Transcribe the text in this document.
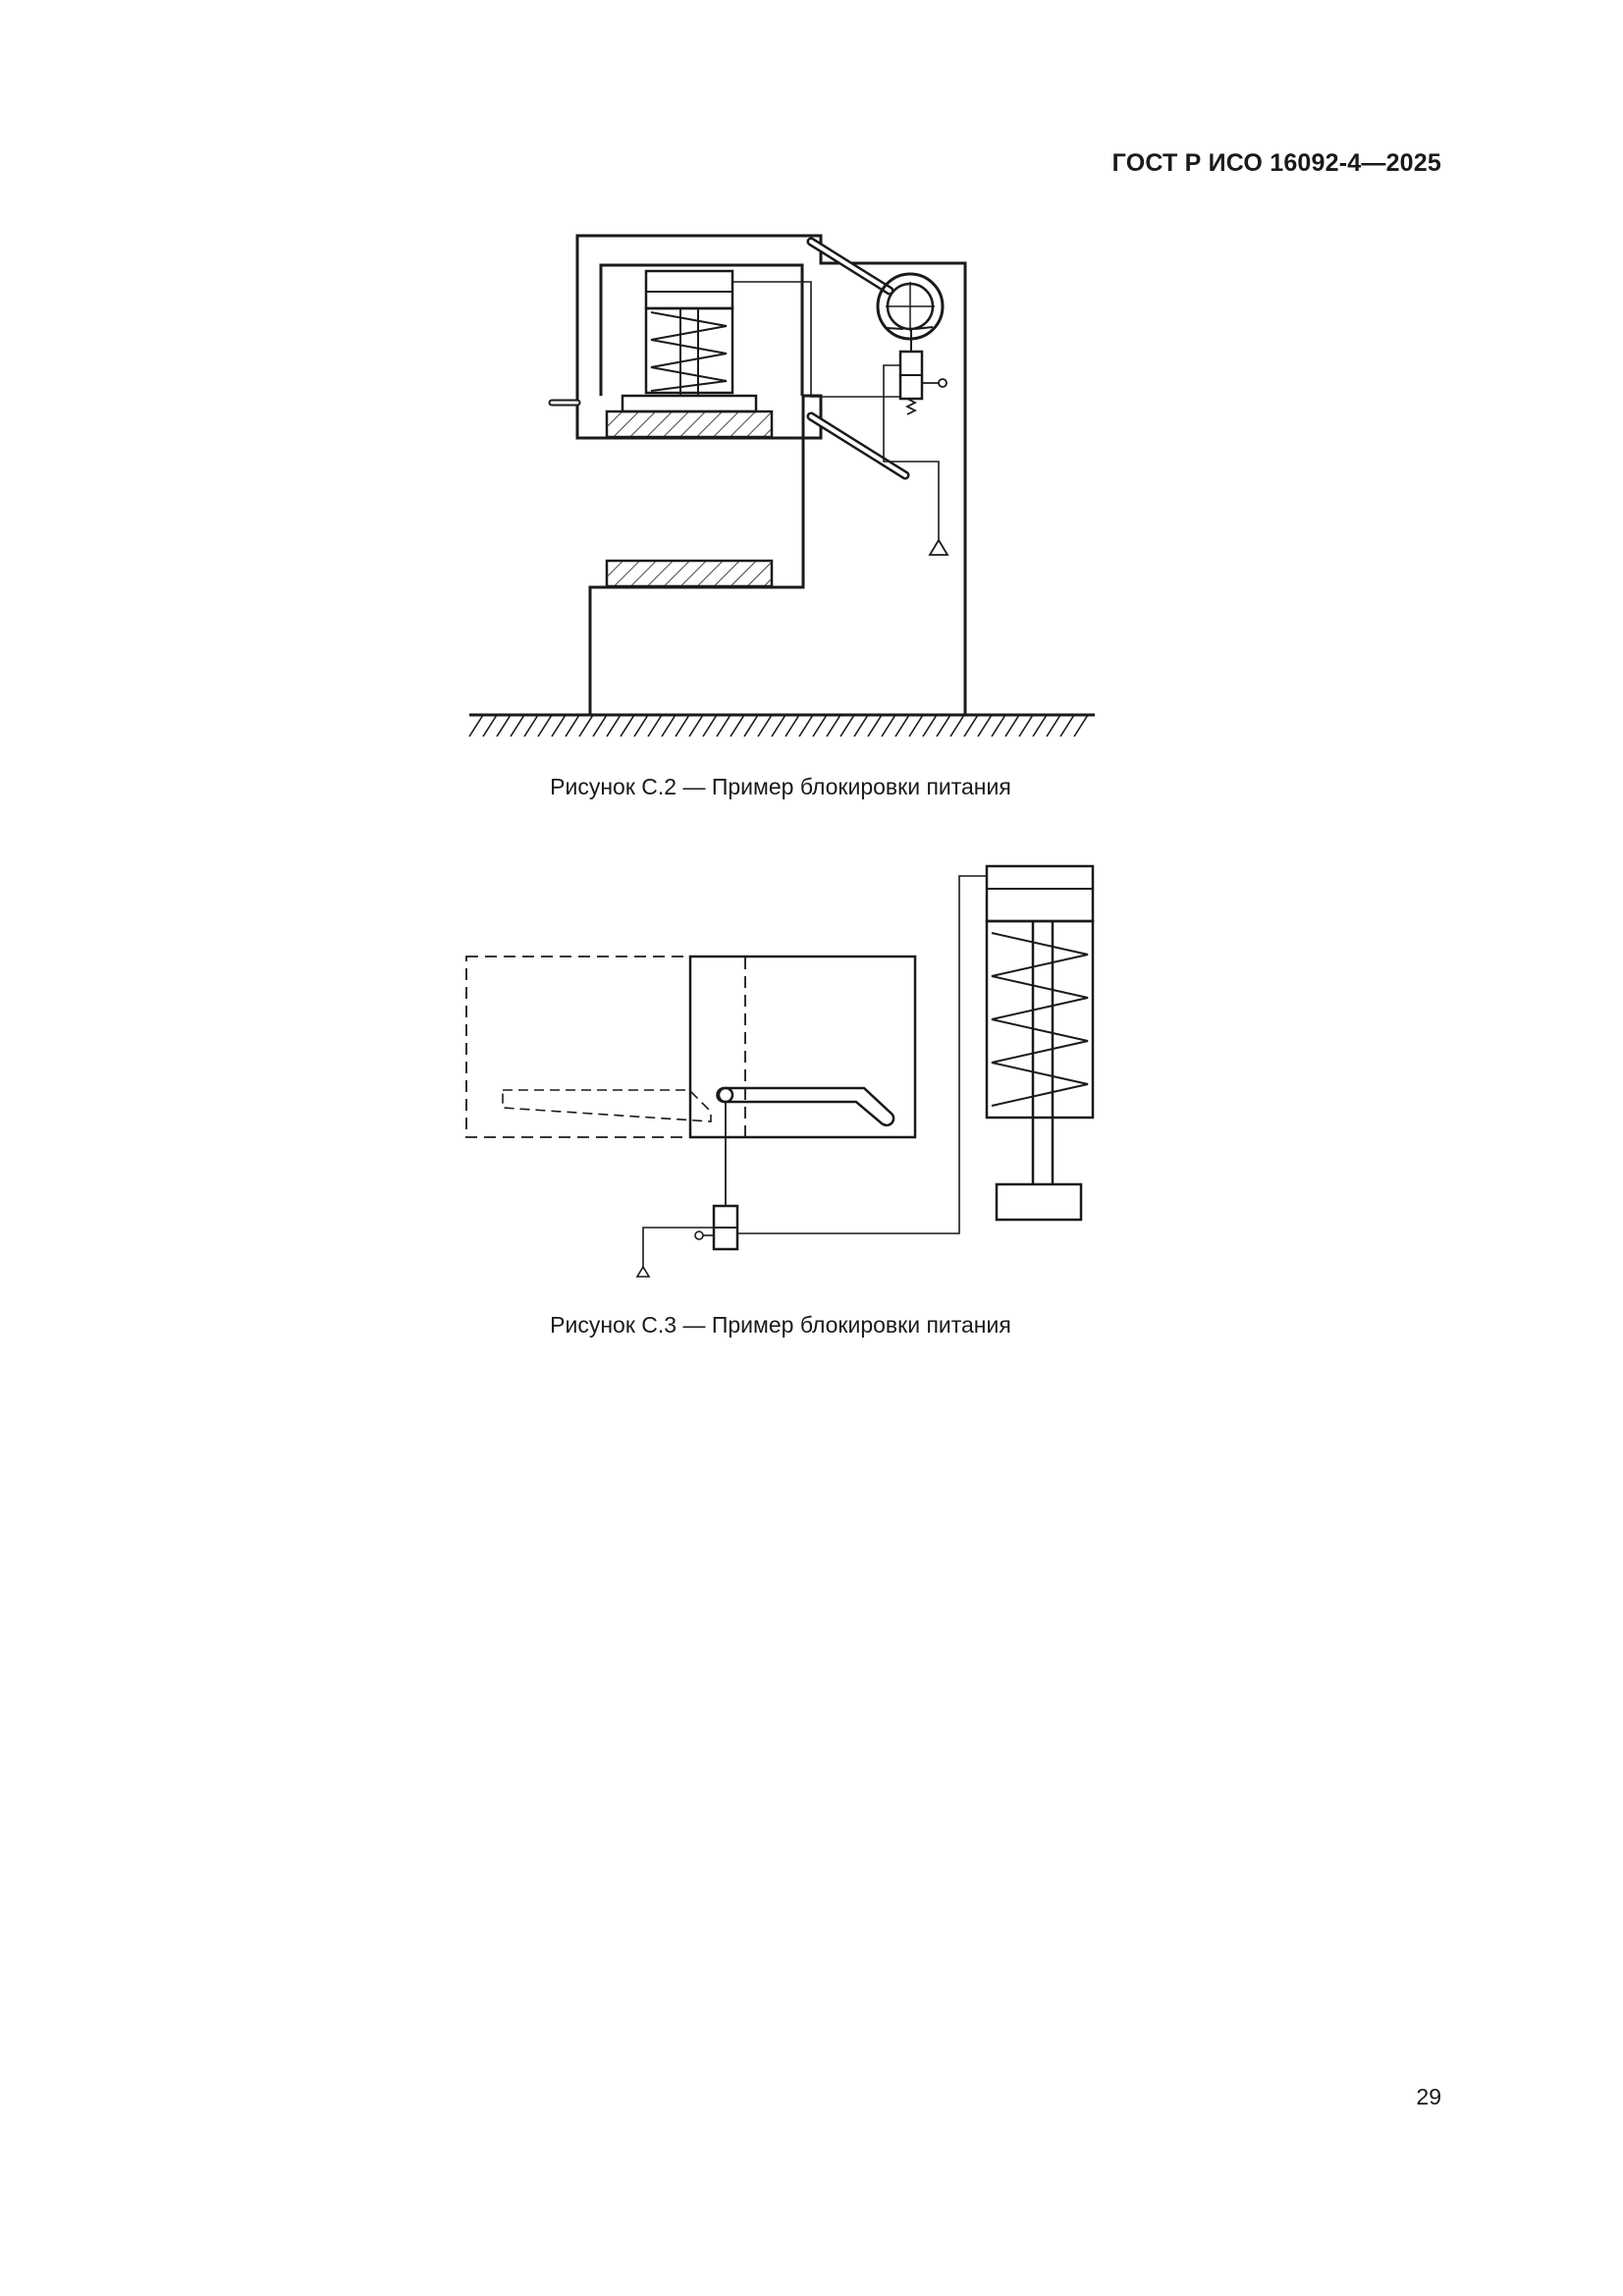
ГОСТ Р ИСО 16092-4—2025
Рисунок С.2 — Пример блокировки питания
Рисунок С.3 — Пример блокировки питания
29
